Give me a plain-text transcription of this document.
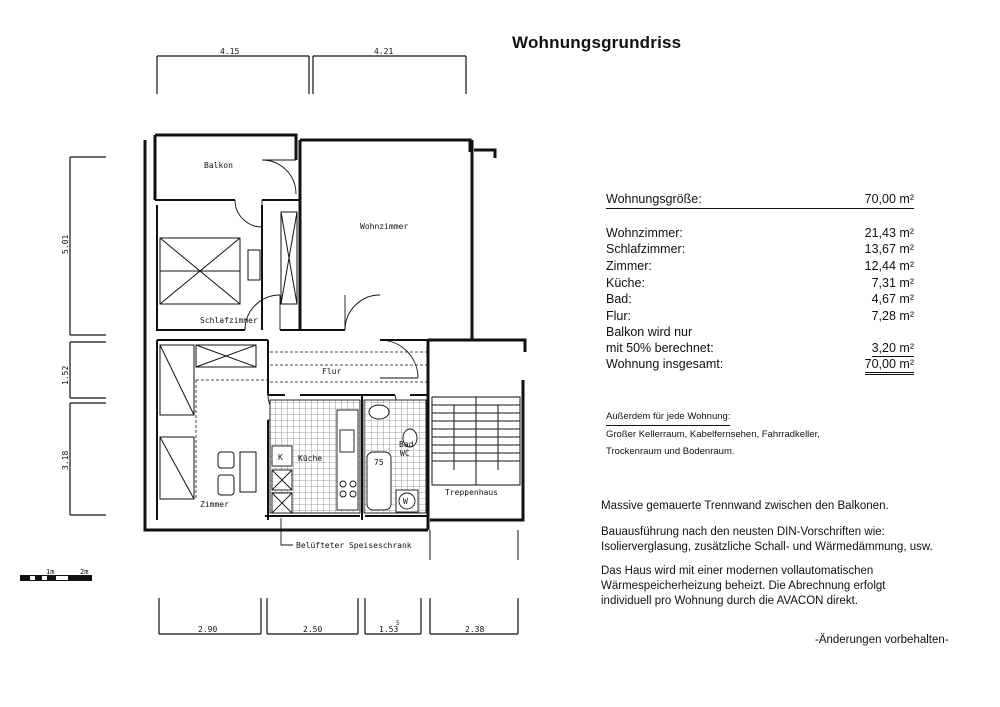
Balkon
Wohnzimmer
Schlafzimmer
Flur
Küche
Bad
WC
Zimmer
Treppenhaus
Belüfteter Speiseschrank
K
W
75
4.15	4.21
5.01
1.52
3.18
2.90	2.50	1.53
5
2.38
1m	2m
Wohnungsgrundriss
Wohnungsgröße:	70,00 m²
Wohnzimmer:	21,43 m²
Schlafzimmer:	13,67 m²
Zimmer:	12,44 m²
Küche:	7,31 m²
Bad:	4,67 m²
Flur:	7,28 m²
Balkon wird nur
mit 50% berechnet:	3,20 m²
Wohnung insgesamt:	70,00 m²
Außerdem für jede Wohnung:
Großer Kellerraum, Kabelfernsehen, Fahrradkeller,
Trockenraum und Bodenraum.
Massive gemauerte Trennwand zwischen den Balkonen.
Bauausführung nach den neusten DIN-Vorschriften wie:
Isolierverglasung, zusätzliche Schall- und Wärmedämmung, usw.
Das Haus wird mit einer modernen vollautomatischen
Wärmespeicherheizung beheizt. Die Abrechnung erfolgt
individuell pro Wohnung durch die AVACON direkt.
-Änderungen vorbehalten-
